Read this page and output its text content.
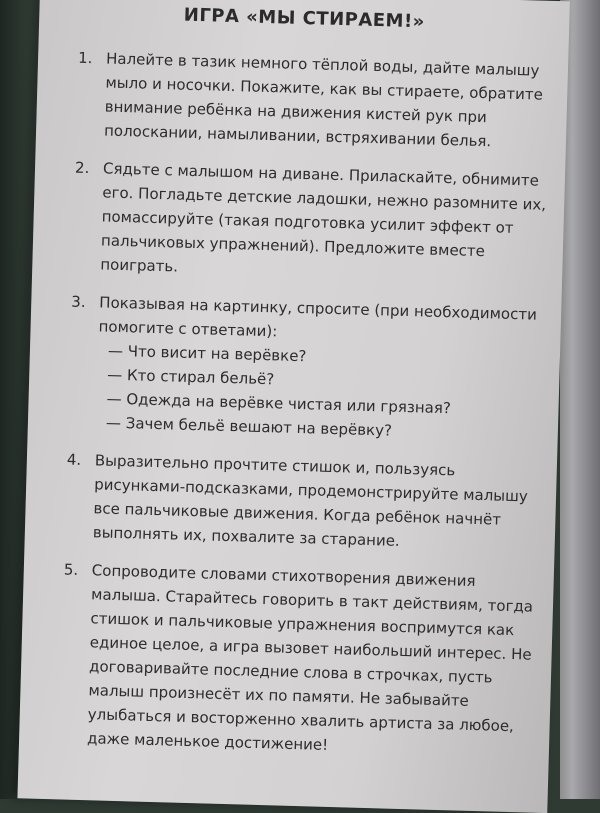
ИГРА «МЫ СТИРАЕМ!»
1. Налейте в тазик немного тёплой воды, дайте малышу мыло и носочки. Покажите, как вы стираете, обратите внимание ребёнка на движения кистей рук при полоскании, намыливании, встряхивании белья.
2. Сядьте с малышом на диване. Приласкайте, обнимите его. Погладьте детские ладошки, нежно разомните их, помассируйте (такая подготовка усилит эффект от пальчиковых упражнений). Предложите вместе поиграть.
3. Показывая на картинку, спросите (при необходимости помогите с ответами):
— Что висит на верёвке?
— Кто стирал бельё?
— Одежда на верёвке чистая или грязная?
— Зачем бельё вешают на верёвку?
4. Выразительно прочтите стишок и, пользуясь рисунками-подсказками, продемонстрируйте малышу все пальчиковые движения. Когда ребёнок начнёт выполнять их, похвалите за старание.
5. Сопроводите словами стихотворения движения малыша. Старайтесь говорить в такт действиям, тогда стишок и пальчиковые упражнения воспримутся как единое целое, а игра вызовет наибольший интерес. Не договаривайте последние слова в строчках, пусть малыш произнесёт их по памяти. Не забывайте улыбаться и восторженно хвалить артиста за любое, даже маленькое достижение!
